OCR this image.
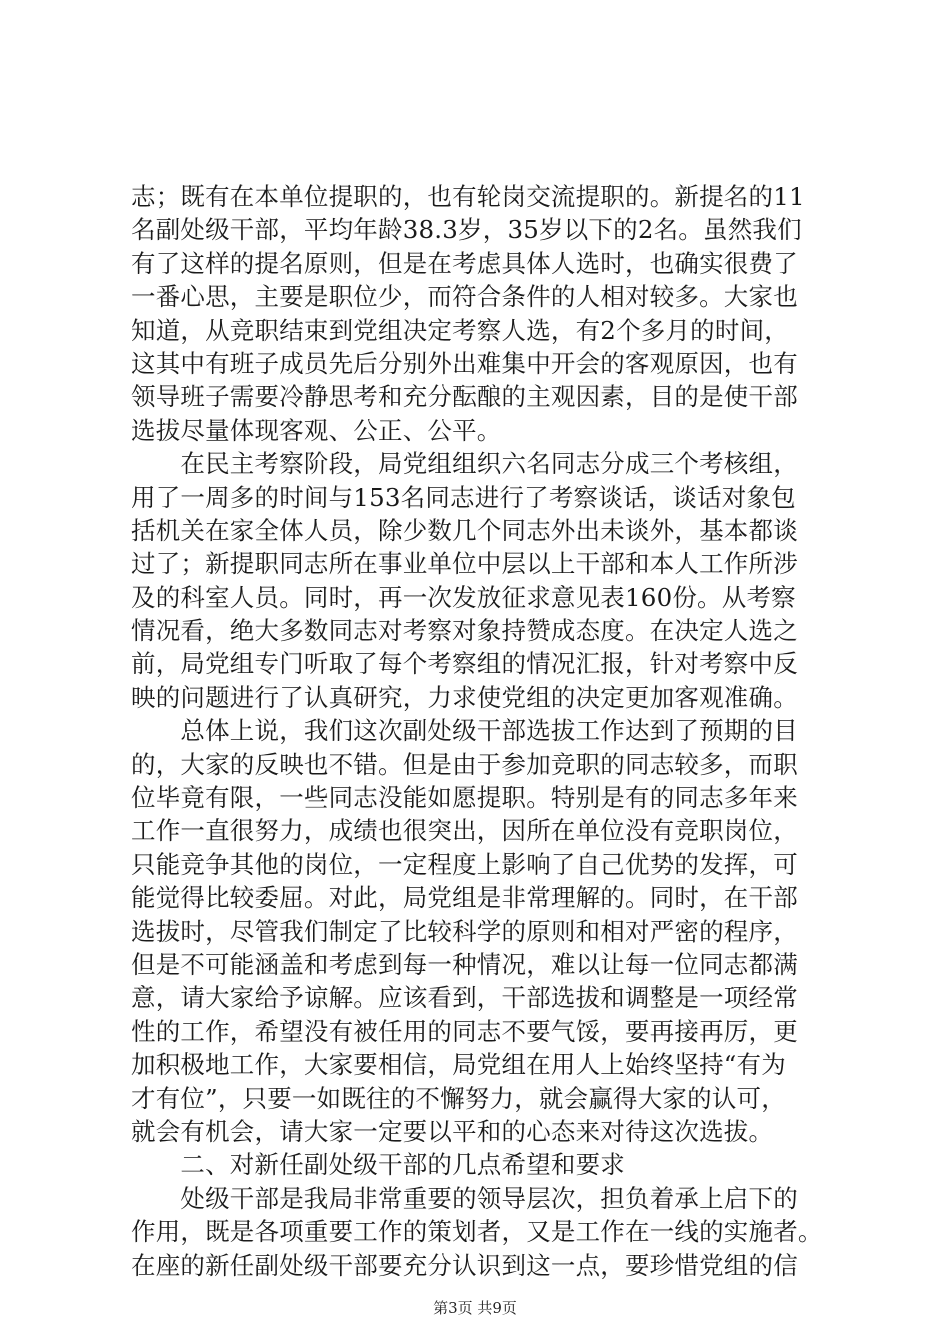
志；既有在本单位提职的，也有轮岗交流提职的。新提名的11
名副处级干部，平均年龄38.3岁，35岁以下的2名。虽然我们
有了这样的提名原则，但是在考虑具体人选时，也确实很费了
一番心思，主要是职位少，而符合条件的人相对较多。大家也
知道，从竞职结束到党组决定考察人选，有2个多月的时间，
这其中有班子成员先后分别外出难集中开会的客观原因，也有
领导班子需要冷静思考和充分酝酿的主观因素，目的是使干部
选拔尽量体现客观、公正、公平。
　　在民主考察阶段，局党组组织六名同志分成三个考核组，
用了一周多的时间与153名同志进行了考察谈话，谈话对象包
括机关在家全体人员，除少数几个同志外出未谈外，基本都谈
过了；新提职同志所在事业单位中层以上干部和本人工作所涉
及的科室人员。同时，再一次发放征求意见表160份。从考察
情况看，绝大多数同志对考察对象持赞成态度。在决定人选之
前，局党组专门听取了每个考察组的情况汇报，针对考察中反
映的问题进行了认真研究，力求使党组的决定更加客观准确。
　　总体上说，我们这次副处级干部选拔工作达到了预期的目
的，大家的反映也不错。但是由于参加竞职的同志较多，而职
位毕竟有限，一些同志没能如愿提职。特别是有的同志多年来
工作一直很努力，成绩也很突出，因所在单位没有竞职岗位，
只能竞争其他的岗位，一定程度上影响了自己优势的发挥，可
能觉得比较委屈。对此，局党组是非常理解的。同时，在干部
选拔时，尽管我们制定了比较科学的原则和相对严密的程序，
但是不可能涵盖和考虑到每一种情况，难以让每一位同志都满
意，请大家给予谅解。应该看到，干部选拔和调整是一项经常
性的工作，希望没有被任用的同志不要气馁，要再接再厉，更
加积极地工作，大家要相信，局党组在用人上始终坚持“有为
才有位”，只要一如既往的不懈努力，就会赢得大家的认可，
就会有机会，请大家一定要以平和的心态来对待这次选拔。
　　二、对新任副处级干部的几点希望和要求
　　处级干部是我局非常重要的领导层次，担负着承上启下的
作用，既是各项重要工作的策划者，又是工作在一线的实施者。
在座的新任副处级干部要充分认识到这一点，要珍惜党组的信
第3页 共9页
